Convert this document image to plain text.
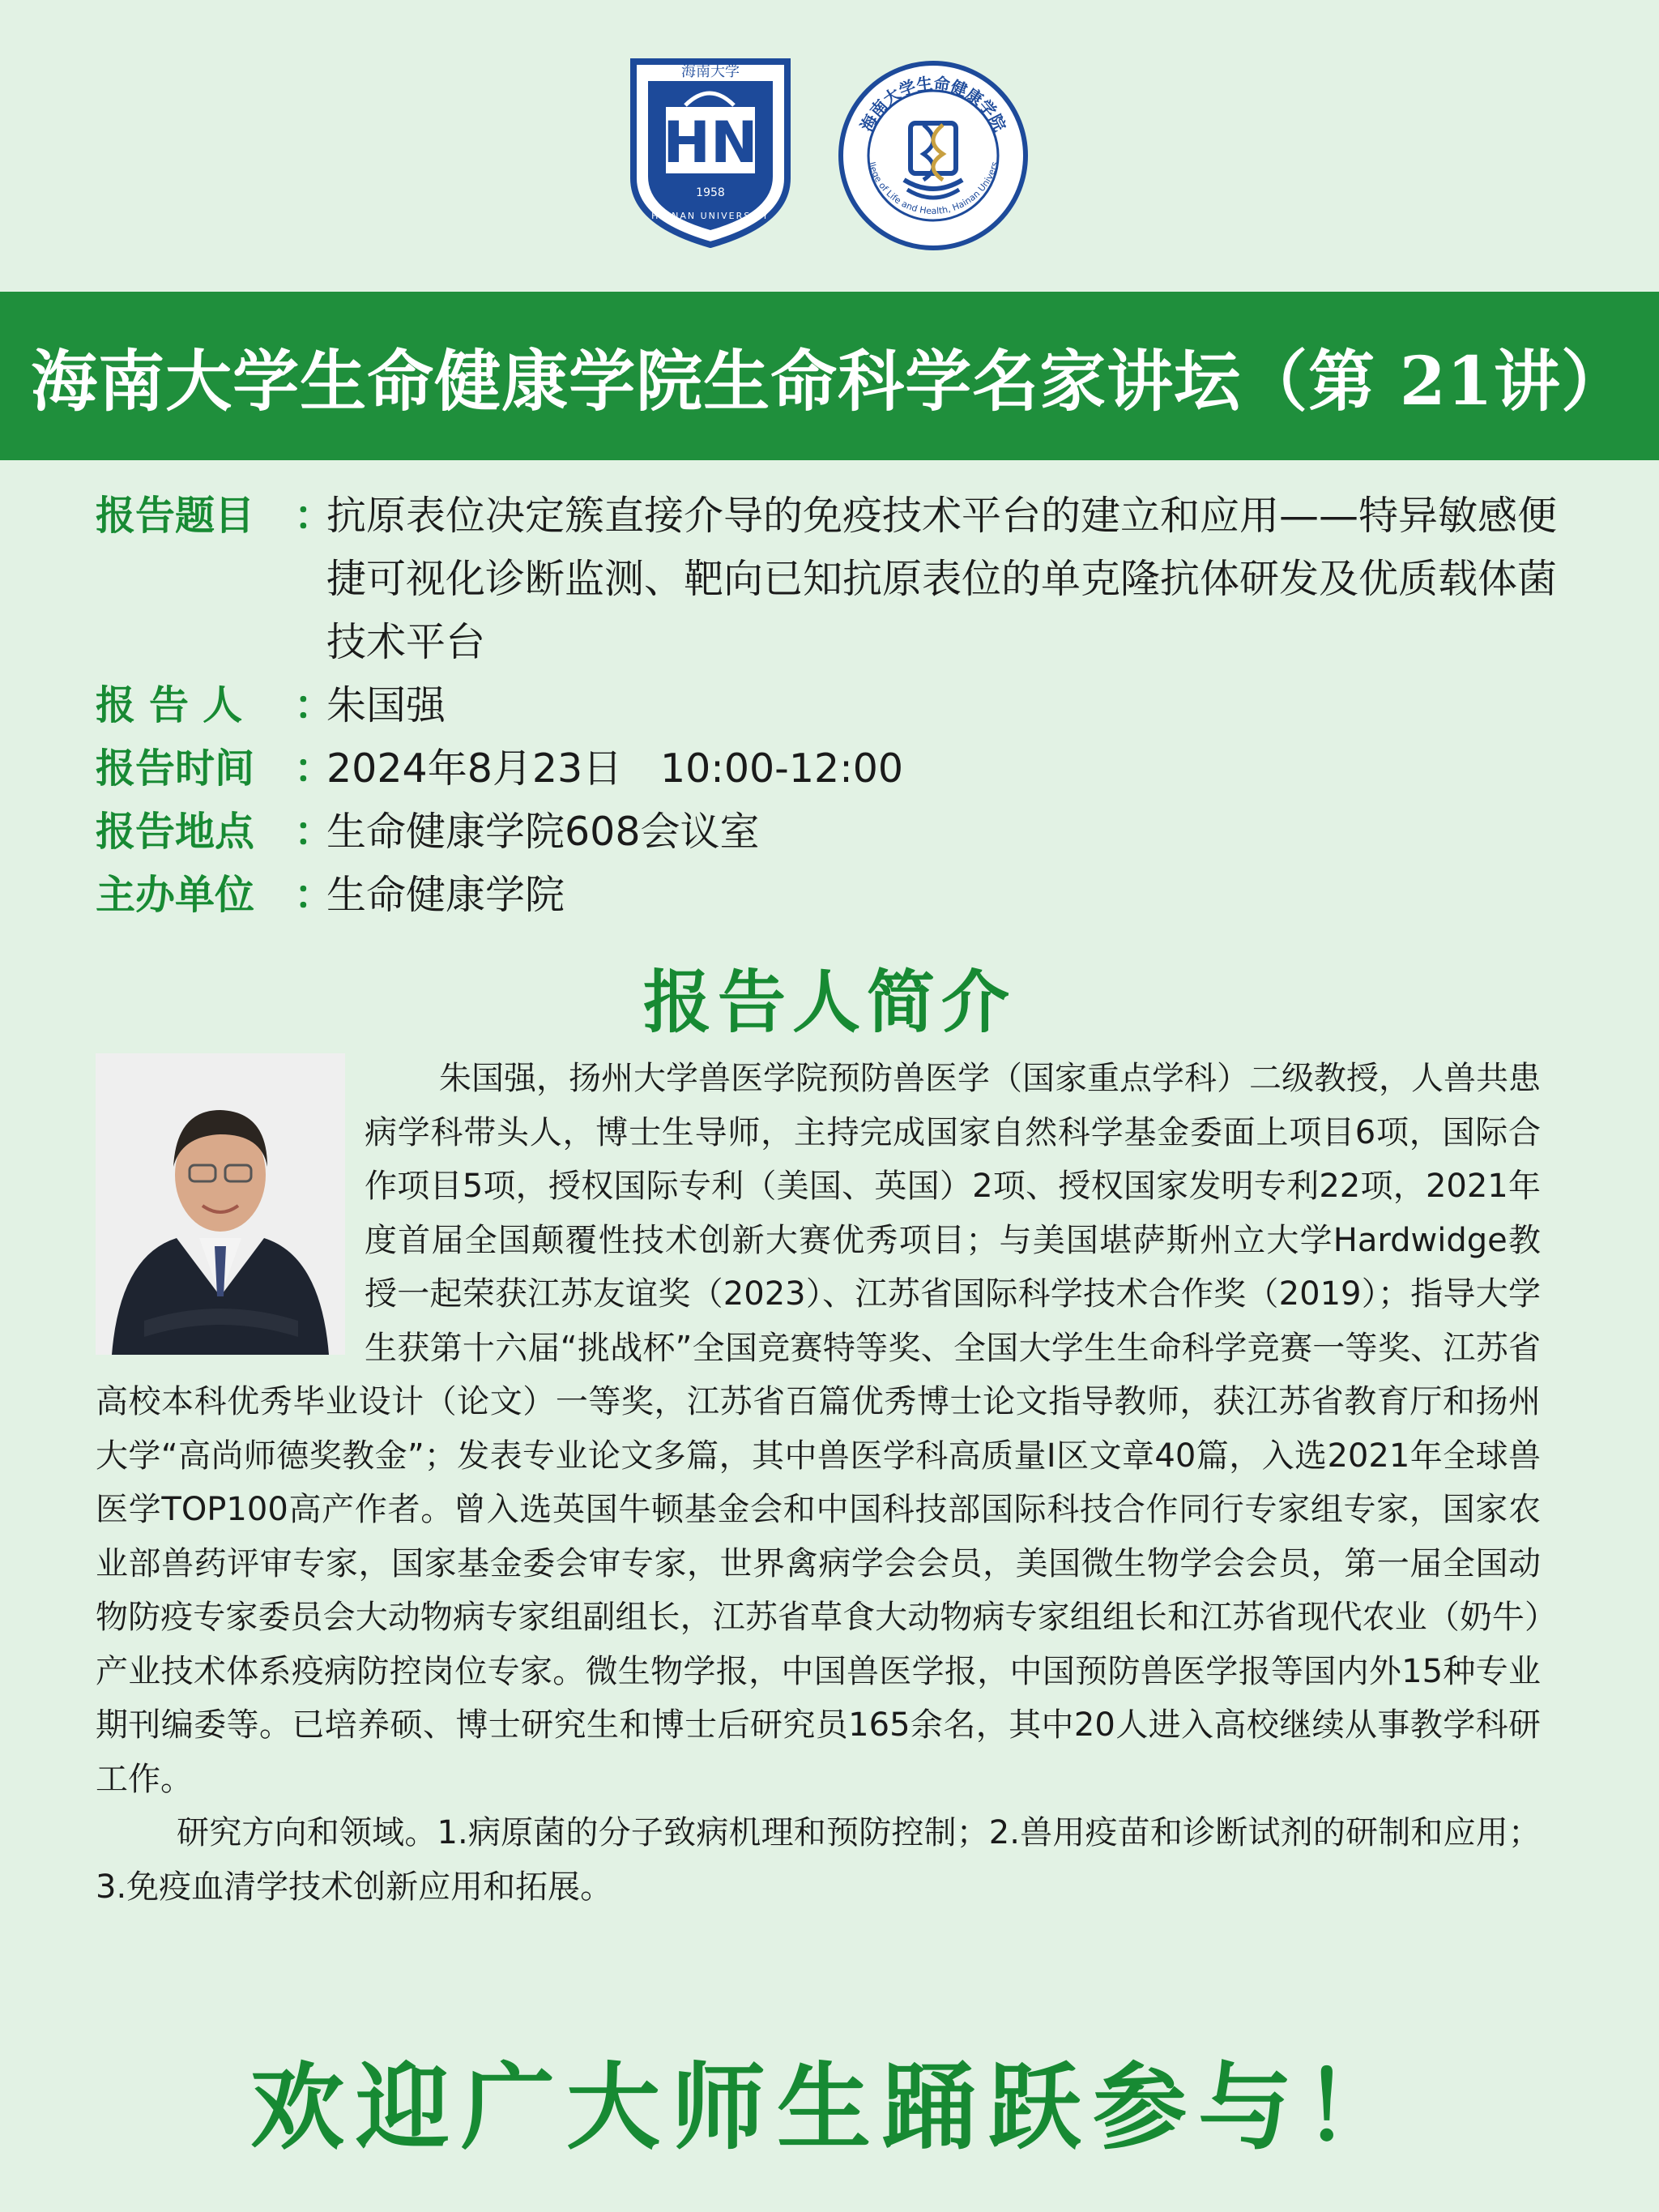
海南大学
HN
1958
HAINAN UNIVERSITY
海南大学生命健康学院
llege of Life and Health, Hainan Univers
海南大学生命健康学院生命科学名家讲坛（第 21讲）
报告题目 ：
抗原表位决定簇直接介导的免疫技术平台的建立和应用——特异敏感便捷可视化诊断监测、靶向已知抗原表位的单克隆抗体研发及优质载体菌技术平台
报 告 人	：
朱国强
报告时间 ：
2024年8月23日   10:00-12:00
报告地点 ：
生命健康学院608会议室
主办单位 ：
生命健康学院
报告人简介

朱国强，扬州大学兽医学院预防兽医学（国家重点学科）二级教授，人兽共患病学科带头人，博士生导师，主持完成国家自然科学基金委面上项目6项，国际合作项目5项，授权国际专利（美国、英国）2项、授权国家发明专利22项，2021年度首届全国颠覆性技术创新大赛优秀项目；与美国堪萨斯州立大学Hardwidge教授一起荣获江苏友谊奖（2023）、江苏省国际科学技术合作奖（2019）；指导大学生获第十六届“挑战杯”全国竞赛特等奖、全国大学生生命科学竞赛一等奖、江苏省高校本科优秀毕业设计（论文）一等奖，江苏省百篇优秀博士论文指导教师，获江苏省教育厅和扬州大学“高尚师德奖教金”；发表专业论文多篇，其中兽医学科高质量Ⅰ区文章40篇，入选2021年全球兽医学TOP100高产作者。曾入选英国牛顿基金会和中国科技部国际科技合作同行专家组专家，国家农业部兽药评审专家，国家基金委会审专家，世界禽病学会会员，美国微生物学会会员，第一届全国动物防疫专家委员会大动物病专家组副组长，江苏省草食大动物病专家组组长和江苏省现代农业（奶牛）产业技术体系疫病防控岗位专家。微生物学报，中国兽医学报，中国预防兽医学报等国内外15种专业期刊编委等。已培养硕、博士研究生和博士后研究员165余名，其中20人进入高校继续从事教学科研工作。

研究方向和领域。1.病原菌的分子致病机理和预防控制；2.兽用疫苗和诊断试剂的研制和应用；3.免疫血清学技术创新应用和拓展。

欢迎广大师生踊跃参与！
